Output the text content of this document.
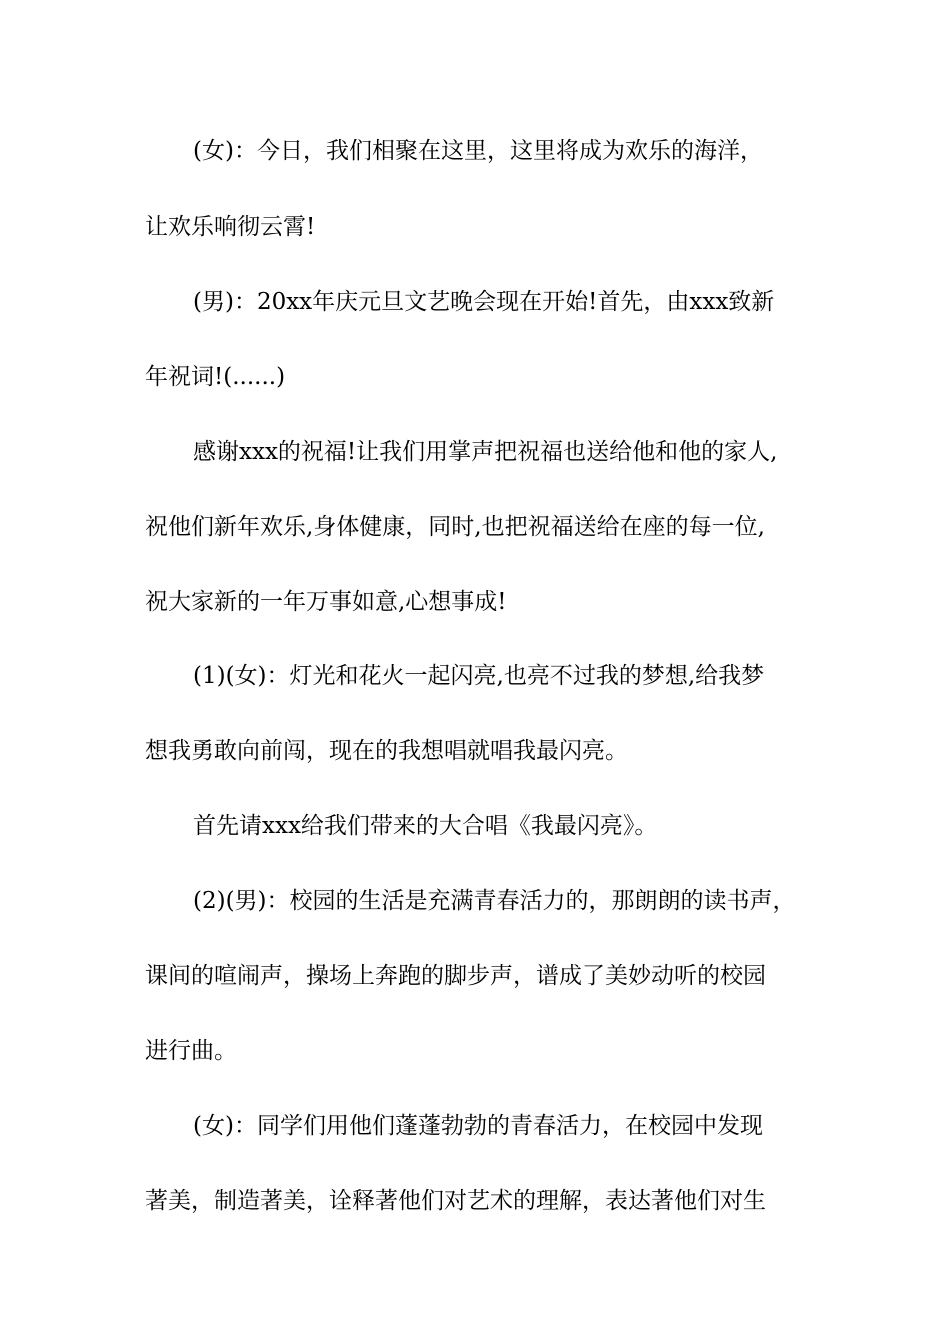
(女)：今日，我们相聚在这里，这里将成为欢乐的海洋，
让欢乐响彻云霄!
(男)：20xx年庆元旦文艺晚会现在开始!首先，由xxx致新
年祝词!(......)
感谢xxx的祝福!让我们用掌声把祝福也送给他和他的家人,
祝他们新年欢乐,身体健康，同时,也把祝福送给在座的每一位,
祝大家新的一年万事如意,心想事成!
(1)(女)：灯光和花火一起闪亮,也亮不过我的梦想,给我梦
想我勇敢向前闯，现在的我想唱就唱我最闪亮。
首先请xxx给我们带来的大合唱《我最闪亮》。
(2)(男)：校园的生活是充满青春活力的，那朗朗的读书声，
课间的喧闹声，操场上奔跑的脚步声，谱成了美妙动听的校园
进行曲。
(女)：同学们用他们蓬蓬勃勃的青春活力，在校园中发现
著美，制造著美，诠释著他们对艺术的理解，表达著他们对生
